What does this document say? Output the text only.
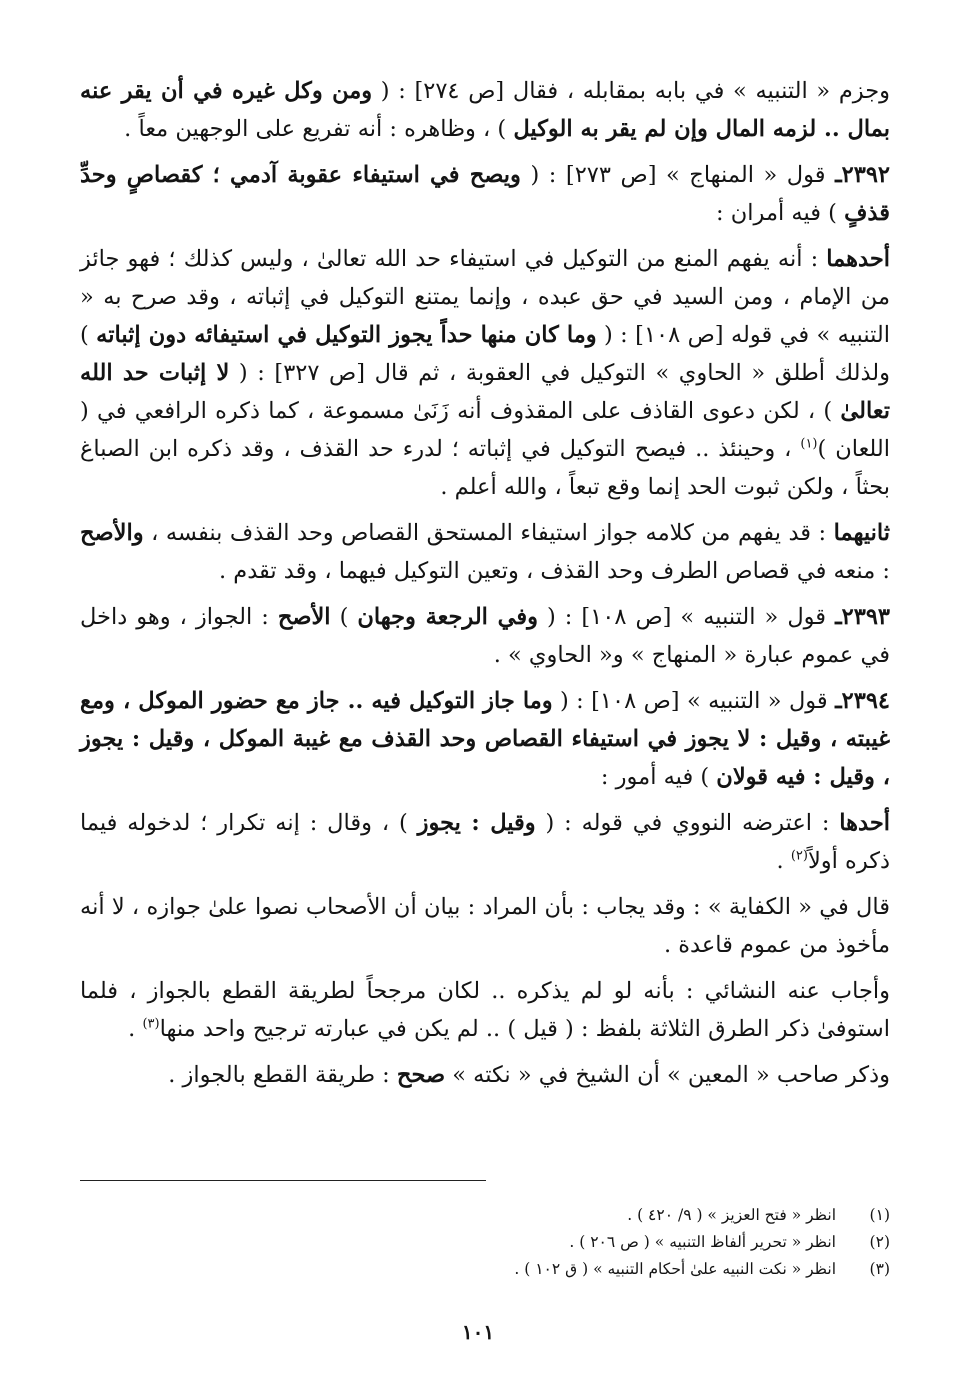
وجزم « التنبيه » في بابه بمقابله ، فقال [ص ٢٧٤] : ( ومن وكل غيره في أن يقر عنه بمال .. لزمه المال وإن لم يقر به الوكيل ) ، وظاهره : أنه تفريع على الوجهين معاً .

٢٣٩٢ـ قول « المنهاج » [ص ٢٧٣] : ( ويصح في استيفاء عقوبة آدمي ؛ كقصاصٍ وحدِّ قذفٍ ) فيه أمران :

أحدهما : أنه يفهم المنع من التوكيل في استيفاء حد الله تعالىٰ ، وليس كذلك ؛ فهو جائز من الإمام ، ومن السيد في حق عبده ، وإنما يمتنع التوكيل في إثباته ، وقد صرح به « التنبيه » في قوله [ص ١٠٨] : ( وما كان منها حداً يجوز التوكيل في استيفائه دون إثباته ) ولذلك أطلق « الحاوي » التوكيل في العقوبة ، ثم قال [ص ٣٢٧] : ( لا إثبات حد الله تعالىٰ ) ، لكن دعوى القاذف على المقذوف أنه زَنَىٰ مسموعة ، كما ذكره الرافعي في ( اللعان )$^{(١)}$ ، وحينئذ .. فيصح التوكيل في إثباته ؛ لدرء حد القذف ، وقد ذكره ابن الصباغ بحثاً ، ولكن ثبوت الحد إنما وقع تبعاً ، والله أعلم .

ثانيهما : قد يفهم من كلامه جواز استيفاء المستحق القصاص وحد القذف بنفسه ، والأصح : منعه في قصاص الطرف وحد القذف ، وتعين التوكيل فيهما ، وقد تقدم .

٢٣٩٣ـ قول « التنبيه » [ص ١٠٨] : ( وفي الرجعة وجهان ) الأصح : الجواز ، وهو داخل في عموم عبارة « المنهاج » و« الحاوي » .

٢٣٩٤ـ قول « التنبيه » [ص ١٠٨] : ( وما جاز التوكيل فيه .. جاز مع حضور الموكل ، ومع غيبته ، وقيل : لا يجوز في استيفاء القصاص وحد القذف مع غيبة الموكل ، وقيل : يجوز ، وقيل : فيه قولان ) فيه أمور :

أحدها : اعترضه النووي في قوله : ( وقيل : يجوز ) ، وقال : إنه تكرار ؛ لدخوله فيما ذكره أولاً$^{(٢)}$ .

قال في « الكفاية » : وقد يجاب : بأن المراد : بيان أن الأصحاب نصوا علىٰ جوازه ، لا أنه مأخوذ من عموم قاعدة .

وأجاب عنه النشائي : بأنه لو لم يذكره .. لكان مرجحاً لطريقة القطع بالجواز ، فلما استوفىٰ ذكر الطرق الثلاثة بلفظ : ( قيل ) .. لم يكن في عبارته ترجيح واحد منها$^{(٣)}$ .

وذكر صاحب « المعين » أن الشيخ في « نكته » صحح : طريقة القطع بالجواز .

(١)
انظر « فتح العزيز » ( ٩/ ٤٢٠ ) .
(٢)
انظر « تحرير ألفاظ التنبيه » ( ص ٢٠٦ ) .
(٣)
انظر « نكت النبيه علىٰ أحكام التنبيه » ( ق ١٠٢ ) .
١٠١
